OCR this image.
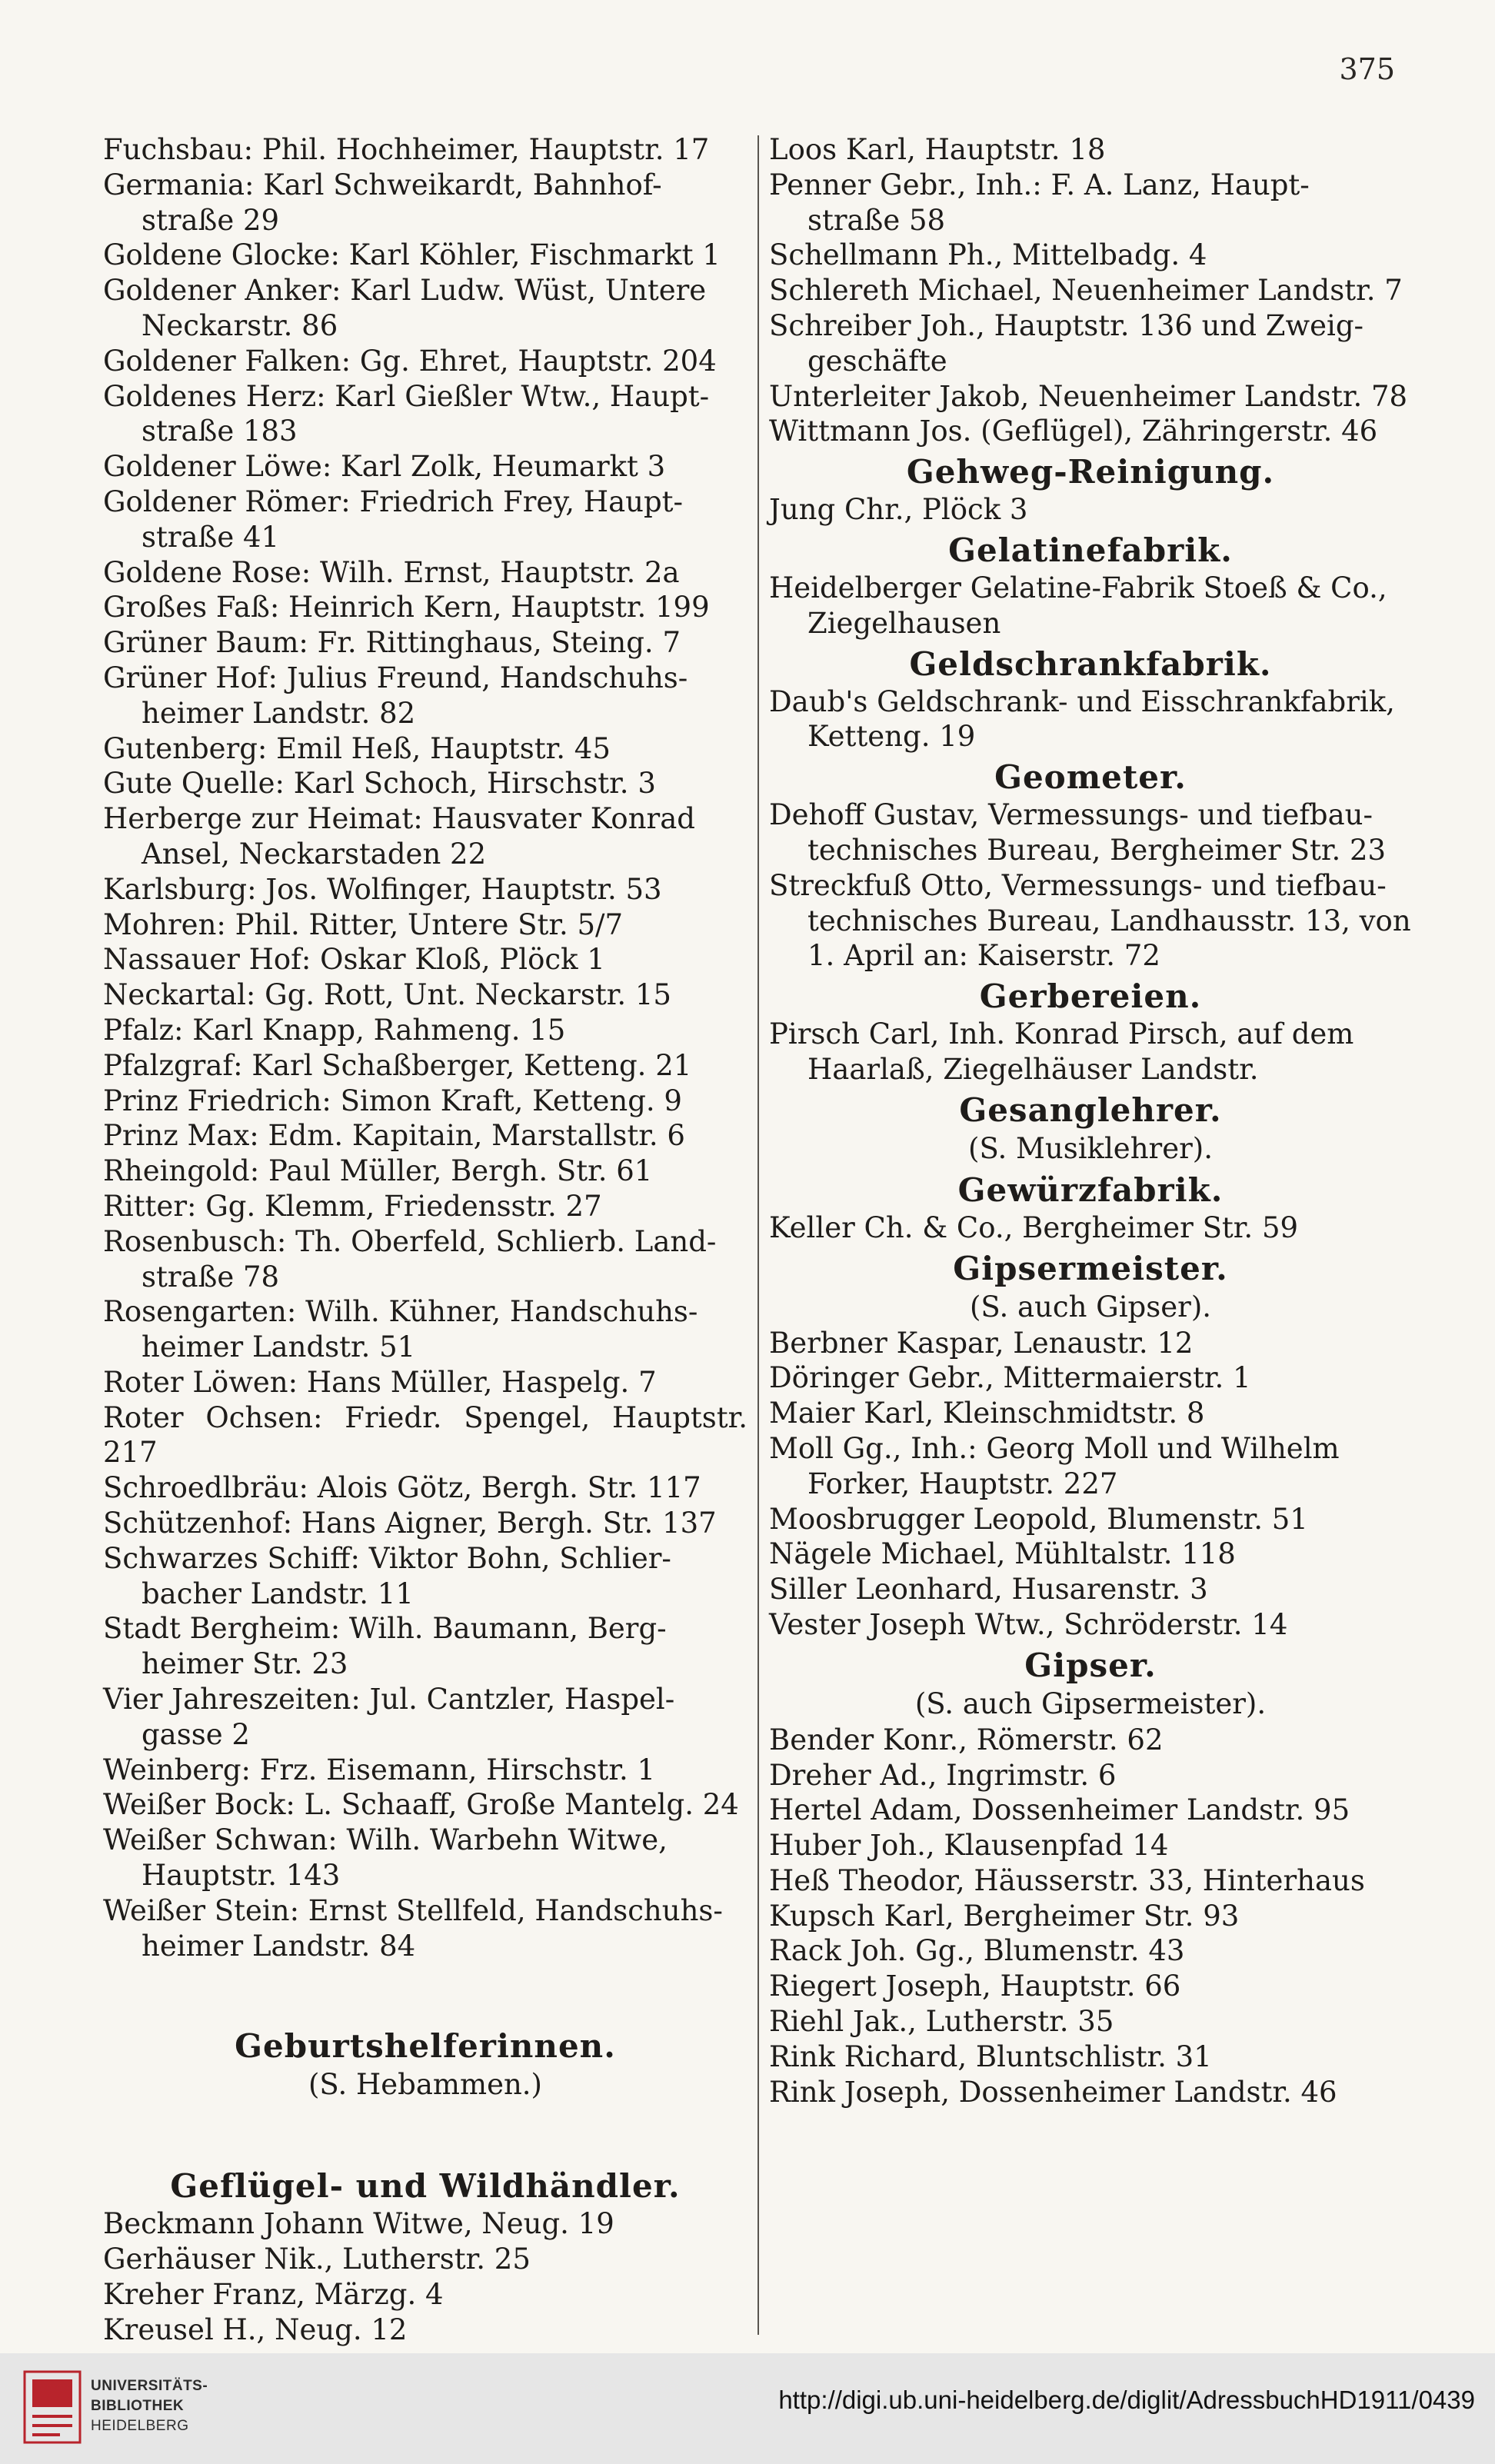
375
Fuchsbau: Phil. Hochheimer, Hauptstr. 17
Germania: Karl Schweikardt, Bahnhof-
straße 29
Goldene Glocke: Karl Köhler, Fischmarkt 1
Goldener Anker: Karl Ludw. Wüst, Untere
Neckarstr. 86
Goldener Falken: Gg. Ehret, Hauptstr. 204
Goldenes Herz: Karl Gießler Wtw., Haupt-
straße 183
Goldener Löwe: Karl Zolk, Heumarkt 3
Goldener Römer: Friedrich Frey, Haupt-
straße 41
Goldene Rose: Wilh. Ernst, Hauptstr. 2a
Großes Faß: Heinrich Kern, Hauptstr. 199
Grüner Baum: Fr. Rittinghaus, Steing. 7
Grüner Hof: Julius Freund, Handschuhs-
heimer Landstr. 82
Gutenberg: Emil Heß, Hauptstr. 45
Gute Quelle: Karl Schoch, Hirschstr. 3
Herberge zur Heimat: Hausvater Konrad
Ansel, Neckarstaden 22
Karlsburg: Jos. Wolfinger, Hauptstr. 53
Mohren: Phil. Ritter, Untere Str. 5/7
Nassauer Hof: Oskar Kloß, Plöck 1
Neckartal: Gg. Rott, Unt. Neckarstr. 15
Pfalz: Karl Knapp, Rahmeng. 15
Pfalzgraf: Karl Schaßberger, Ketteng. 21
Prinz Friedrich: Simon Kraft, Ketteng. 9
Prinz Max: Edm. Kapitain, Marstallstr. 6
Rheingold: Paul Müller, Bergh. Str. 61
Ritter: Gg. Klemm, Friedensstr. 27
Rosenbusch: Th. Oberfeld, Schlierb. Land-
straße 78
Rosengarten: Wilh. Kühner, Handschuhs-
heimer Landstr. 51
Roter Löwen: Hans Müller, Haspelg. 7
Roter Ochsen: Friedr. Spengel, Hauptstr. 217
Schroedlbräu: Alois Götz, Bergh. Str. 117
Schützenhof: Hans Aigner, Bergh. Str. 137
Schwarzes Schiff: Viktor Bohn, Schlier-
bacher Landstr. 11
Stadt Bergheim: Wilh. Baumann, Berg-
heimer Str. 23
Vier Jahreszeiten: Jul. Cantzler, Haspel-
gasse 2
Weinberg: Frz. Eisemann, Hirschstr. 1
Weißer Bock: L. Schaaff, Große Mantelg. 24
Weißer Schwan: Wilh. Warbehn Witwe,
Hauptstr. 143
Weißer Stein: Ernst Stellfeld, Handschuhs-
heimer Landstr. 84
Geburtshelferinnen.
(S. Hebammen.)
Geflügel- und Wildhändler.
Beckmann Johann Witwe, Neug. 19
Gerhäuser Nik., Lutherstr. 25
Kreher Franz, Märzg. 4
Kreusel H., Neug. 12
Loos Karl, Hauptstr. 18
Penner Gebr., Inh.: F. A. Lanz, Haupt-
straße 58
Schellmann Ph., Mittelbadg. 4
Schlereth Michael, Neuenheimer Landstr. 7
Schreiber Joh., Hauptstr. 136 und Zweig-
geschäfte
Unterleiter Jakob, Neuenheimer Landstr. 78
Wittmann Jos. (Geflügel), Zähringerstr. 46
Gehweg-Reinigung.
Jung Chr., Plöck 3
Gelatinefabrik.
Heidelberger Gelatine-Fabrik Stoeß & Co.,
Ziegelhausen
Geldschrankfabrik.
Daub's Geldschrank- und Eisschrankfabrik,
Ketteng. 19
Geometer.
Dehoff Gustav, Vermessungs- und tiefbau-
technisches Bureau, Bergheimer Str. 23
Streckfuß Otto, Vermessungs- und tiefbau-
technisches Bureau, Landhausstr. 13, von
1. April an: Kaiserstr. 72
Gerbereien.
Pirsch Carl, Inh. Konrad Pirsch, auf dem
Haarlaß, Ziegelhäuser Landstr.
Gesanglehrer.
(S. Musiklehrer).
Gewürzfabrik.
Keller Ch. & Co., Bergheimer Str. 59
Gipsermeister.
(S. auch Gipser).
Berbner Kaspar, Lenaustr. 12
Döringer Gebr., Mittermaierstr. 1
Maier Karl, Kleinschmidtstr. 8
Moll Gg., Inh.: Georg Moll und Wilhelm
Forker, Hauptstr. 227
Moosbrugger Leopold, Blumenstr. 51
Nägele Michael, Mühltalstr. 118
Siller Leonhard, Husarenstr. 3
Vester Joseph Wtw., Schröderstr. 14
Gipser.
(S. auch Gipsermeister).
Bender Konr., Römerstr. 62
Dreher Ad., Ingrimstr. 6
Hertel Adam, Dossenheimer Landstr. 95
Huber Joh., Klausenpfad 14
Heß Theodor, Häusserstr. 33, Hinterhaus
Kupsch Karl, Bergheimer Str. 93
Rack Joh. Gg., Blumenstr. 43
Riegert Joseph, Hauptstr. 66
Riehl Jak., Lutherstr. 35
Rink Richard, Bluntschlistr. 31
Rink Joseph, Dossenheimer Landstr. 46
UNIVERSITÄTS-
BIBLIOTHEK
HEIDELBERG
http://digi.ub.uni-heidelberg.de/diglit/AdressbuchHD1911/0439
